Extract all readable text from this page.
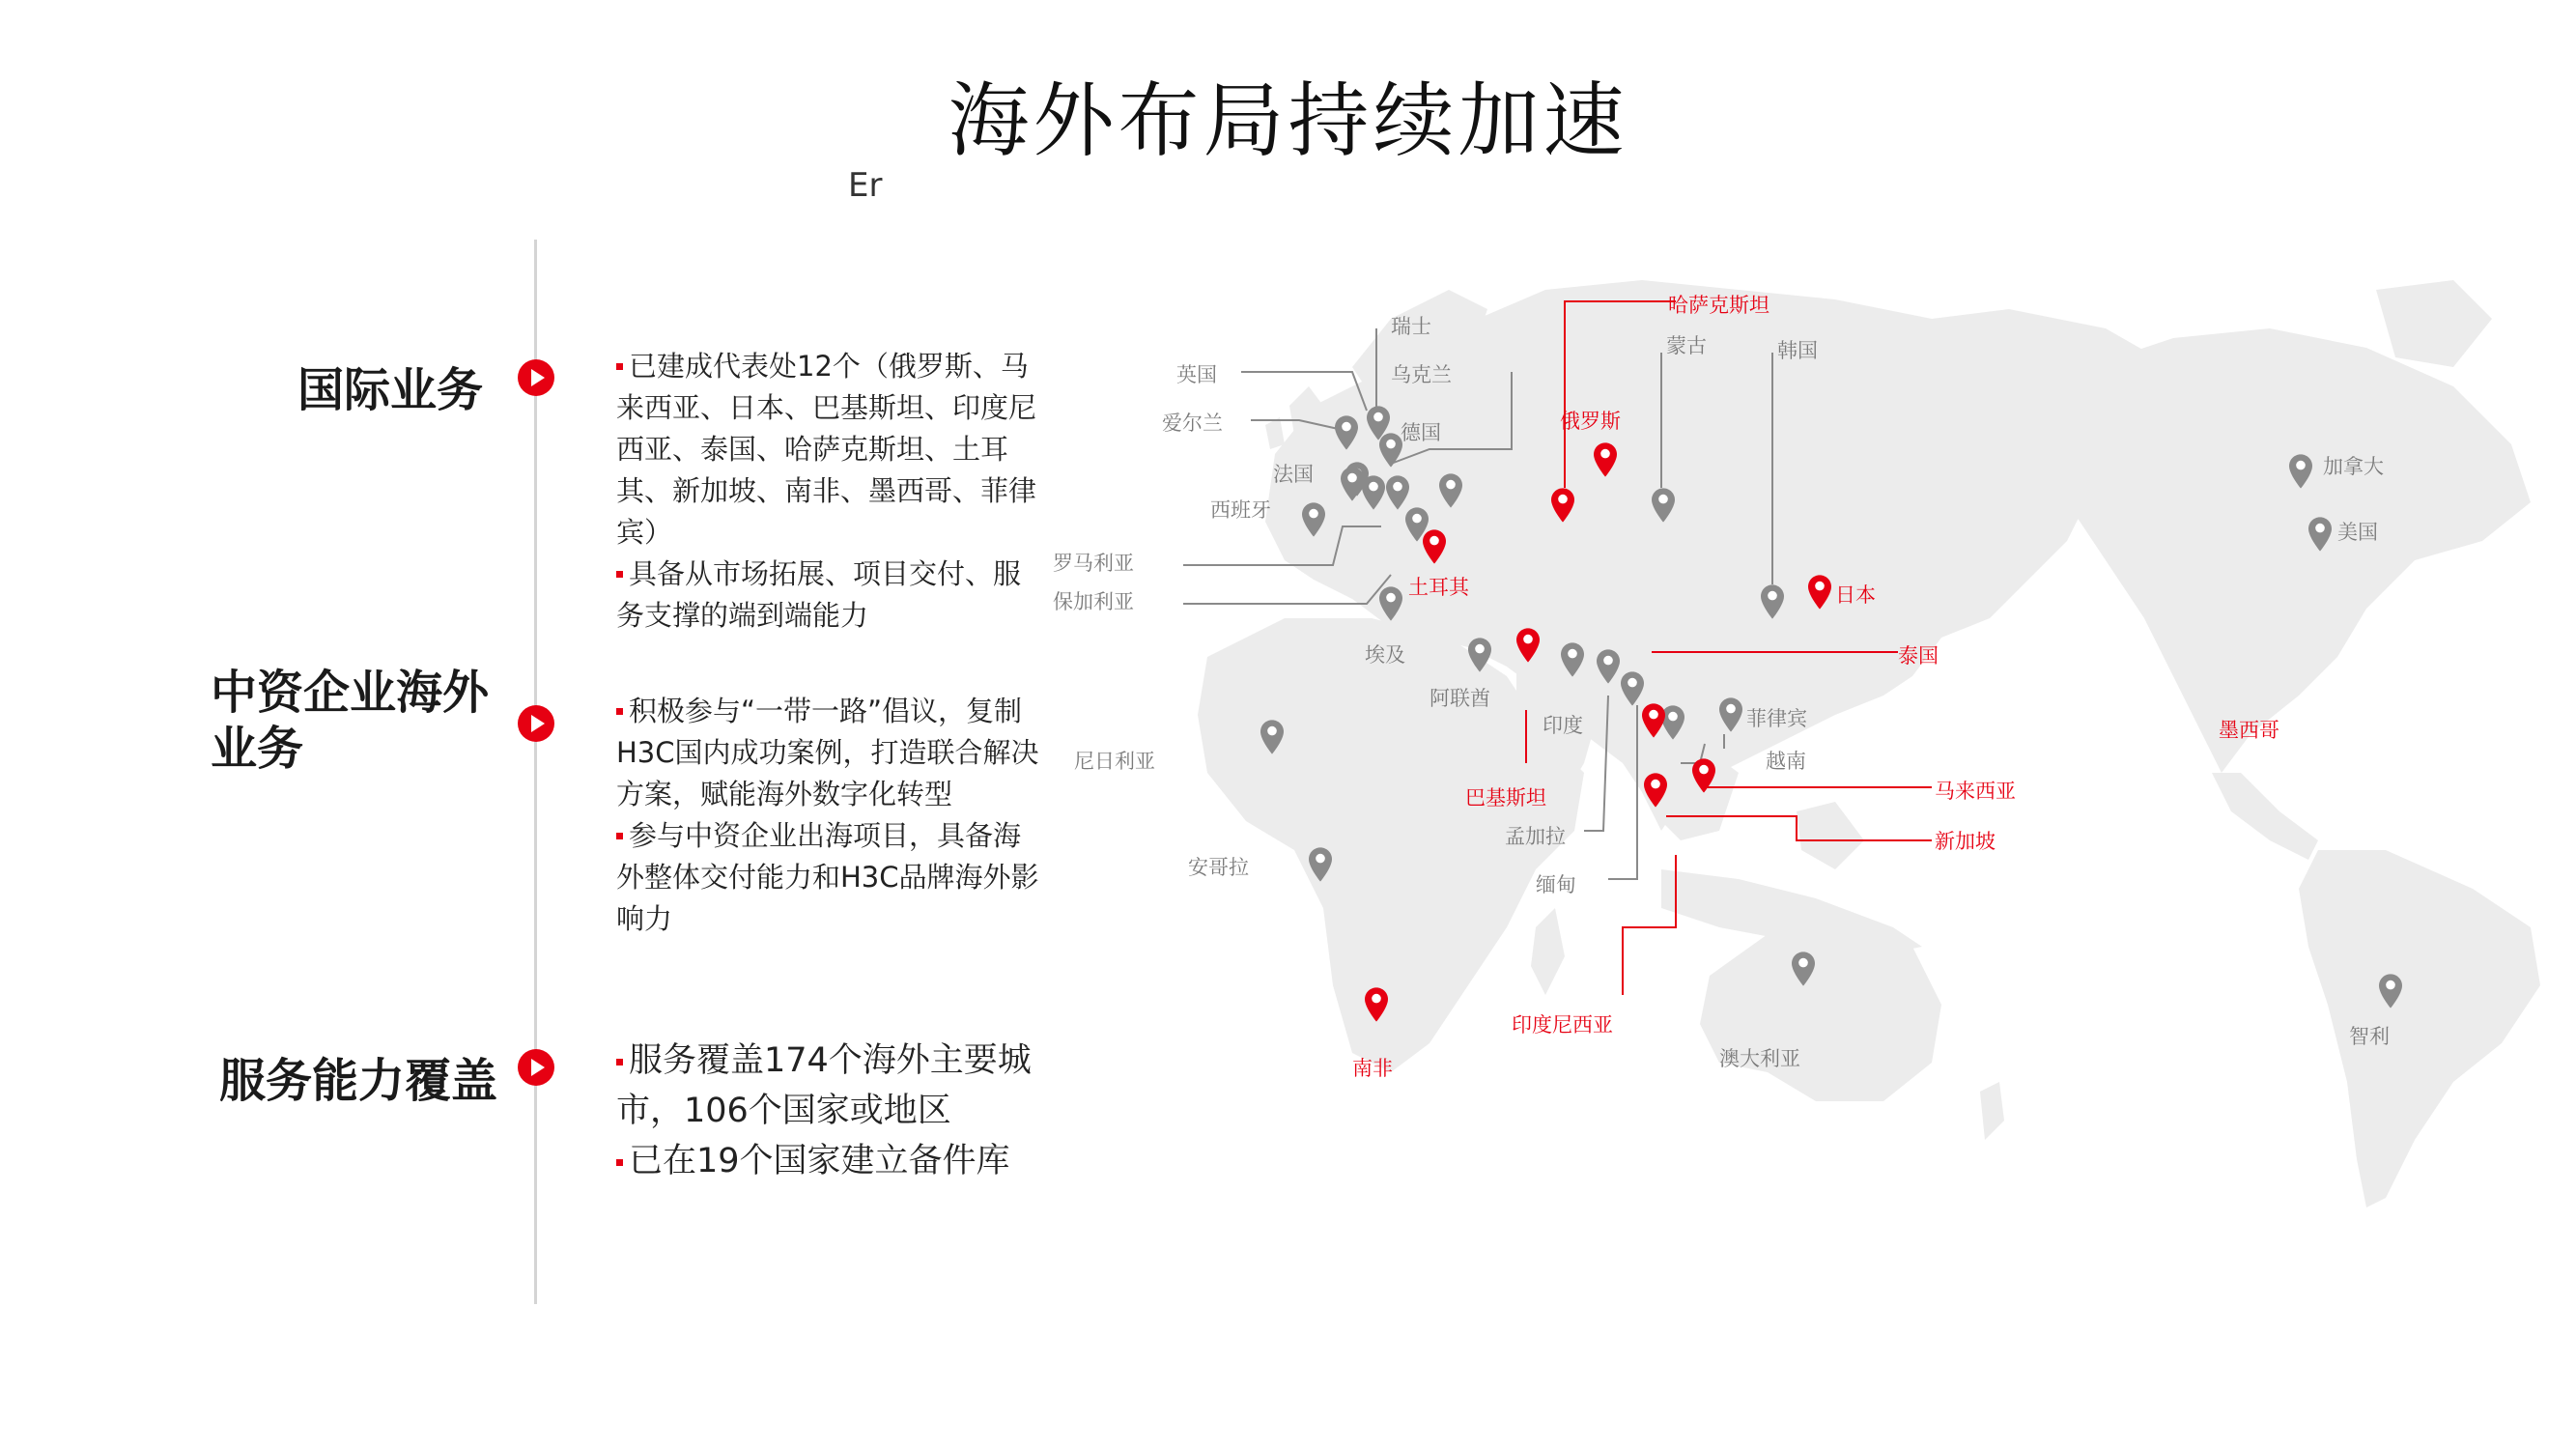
海外布局持续加速
Er
国际业务	已建成代表处12个（俄罗斯、马来西亚、日本、巴基斯坦、印度尼西亚、泰国、哈萨克斯坦、土耳其、新加坡、南非、墨西哥、菲律宾）
具备从市场拓展、项目交付、服务支撑的端到端能力
中资企业海外业务
积极参与“一带一路”倡议，复制H3C国内成功案例，打造联合解决方案，赋能海外数字化转型
参与中资企业出海项目，具备海外整体交付能力和H3C品牌海外影响力
服务能力覆盖	服务覆盖174个海外主要城市，106个国家或地区
已在19个国家建立备件库
瑞士
英国	乌克兰
爱尔兰	德国
法国
西班牙
罗马利亚
保加利亚
埃及
阿联酋
尼日利亚
安哥拉
蒙古	韩国
印度
孟加拉
缅甸
菲律宾
越南
澳大利亚
加拿大
美国
智利
哈萨克斯坦
俄罗斯
土耳其	日本
泰国
墨西哥
巴基斯坦	马来西亚
新加坡
印度尼西亚
南非
